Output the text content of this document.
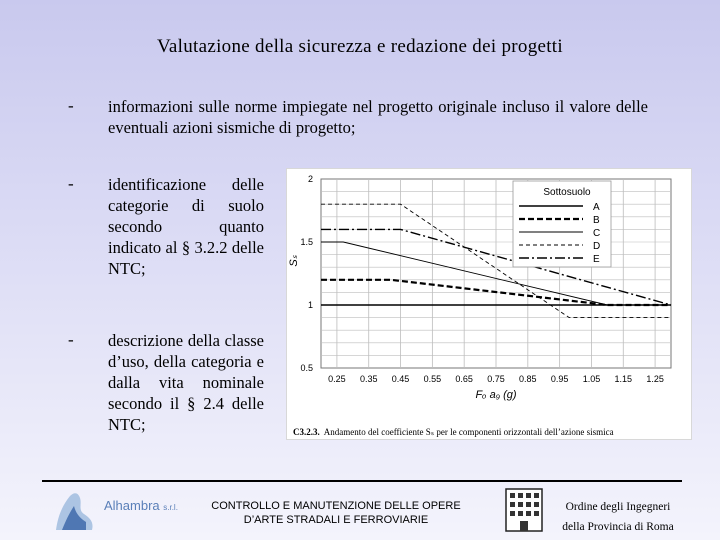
Valutazione della sicurezza e redazione dei progetti
- informazioni sulle norme impiegate nel progetto originale incluso il valore delle eventuali azioni sismiche di progetto;
- identificazione delle categorie di suolo secondo quanto indicato al § 3.2.2 delle NTC;
- descrizione della classe d’uso, della categoria e dalla vita nominale secondo il § 2.4 delle NTC;
0.25 0.35 0.45 0.55 0.65 0.75 0.85 0.95 1.05 1.15 1.25
0.5
1
1.5
2
Fₒ a₉ (g)
Sₛ
Sottosuolo
A
B
C
D
E
C3.2.3. Andamento del coefficiente Sₛ per le componenti orizzontali dell’azione sismica
Alhambra s.r.l.	CONTROLLO E MANUTENZIONE DELLE OPERE
D’ARTE STRADALI E FERROVIARIE
Ordine degli Ingegneri
della Provincia di Roma
